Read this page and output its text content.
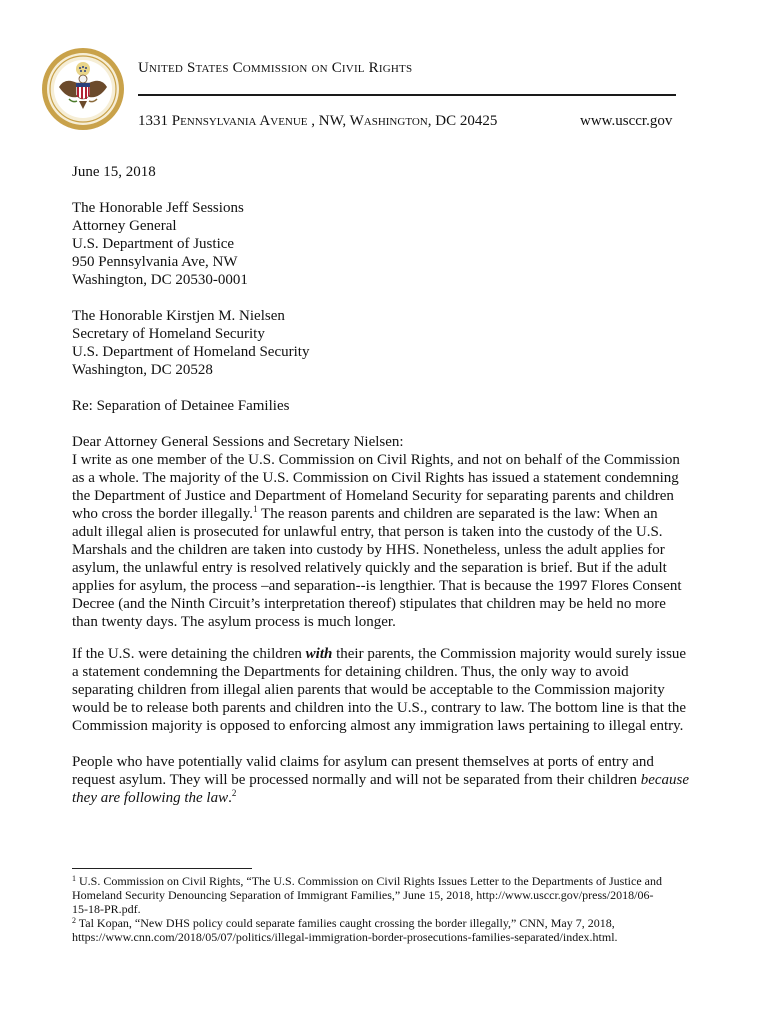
United States Commission on Civil Rights
1331 Pennsylvania Avenue , NW, Washington, DC 20425	www.usccr.gov
June 15, 2018
The Honorable Jeff Sessions
Attorney General
U.S. Department of Justice
950 Pennsylvania Ave, NW
Washington, DC 20530-0001
The Honorable Kirstjen M. Nielsen
Secretary of Homeland Security
U.S. Department of Homeland Security
Washington, DC 20528
Re: Separation of Detainee Families
Dear Attorney General Sessions and Secretary Nielsen:
I write as one member of the U.S. Commission on Civil Rights, and not on behalf of the Commission
as a whole. The majority of the U.S. Commission on Civil Rights has issued a statement condemning
the Department of Justice and Department of Homeland Security for separating parents and children
who cross the border illegally.$^1$ The reason parents and children are separated is the law: When an
adult illegal alien is prosecuted for unlawful entry, that person is taken into the custody of the U.S.
Marshals and the children are taken into custody by HHS. Nonetheless, unless the adult applies for
asylum, the unlawful entry is resolved relatively quickly and the separation is brief. But if the adult
applies for asylum, the process –and separation--is lengthier. That is because the 1997 Flores Consent
Decree (and the Ninth Circuit’s interpretation thereof) stipulates that children may be held no more
than twenty days. The asylum process is much longer.
If the U.S. were detaining the children with their parents, the Commission majority would surely issue
a statement condemning the Departments for detaining children. Thus, the only way to avoid
separating children from illegal alien parents that would be acceptable to the Commission majority
would be to release both parents and children into the U.S., contrary to law. The bottom line is that the
Commission majority is opposed to enforcing almost any immigration laws pertaining to illegal entry.
People who have potentially valid claims for asylum can present themselves at ports of entry and
request asylum. They will be processed normally and will not be separated from their children because
they are following the law.$^2$
$^1$ U.S. Commission on Civil Rights, “The U.S. Commission on Civil Rights Issues Letter to the Departments of Justice and
Homeland Security Denouncing Separation of Immigrant Families,” June 15, 2018, http://www.usccr.gov/press/2018/06-
15-18-PR.pdf.
$^2$ Tal Kopan, “New DHS policy could separate families caught crossing the border illegally,” CNN, May 7, 2018,
https://www.cnn.com/2018/05/07/politics/illegal-immigration-border-prosecutions-families-separated/index.html.
